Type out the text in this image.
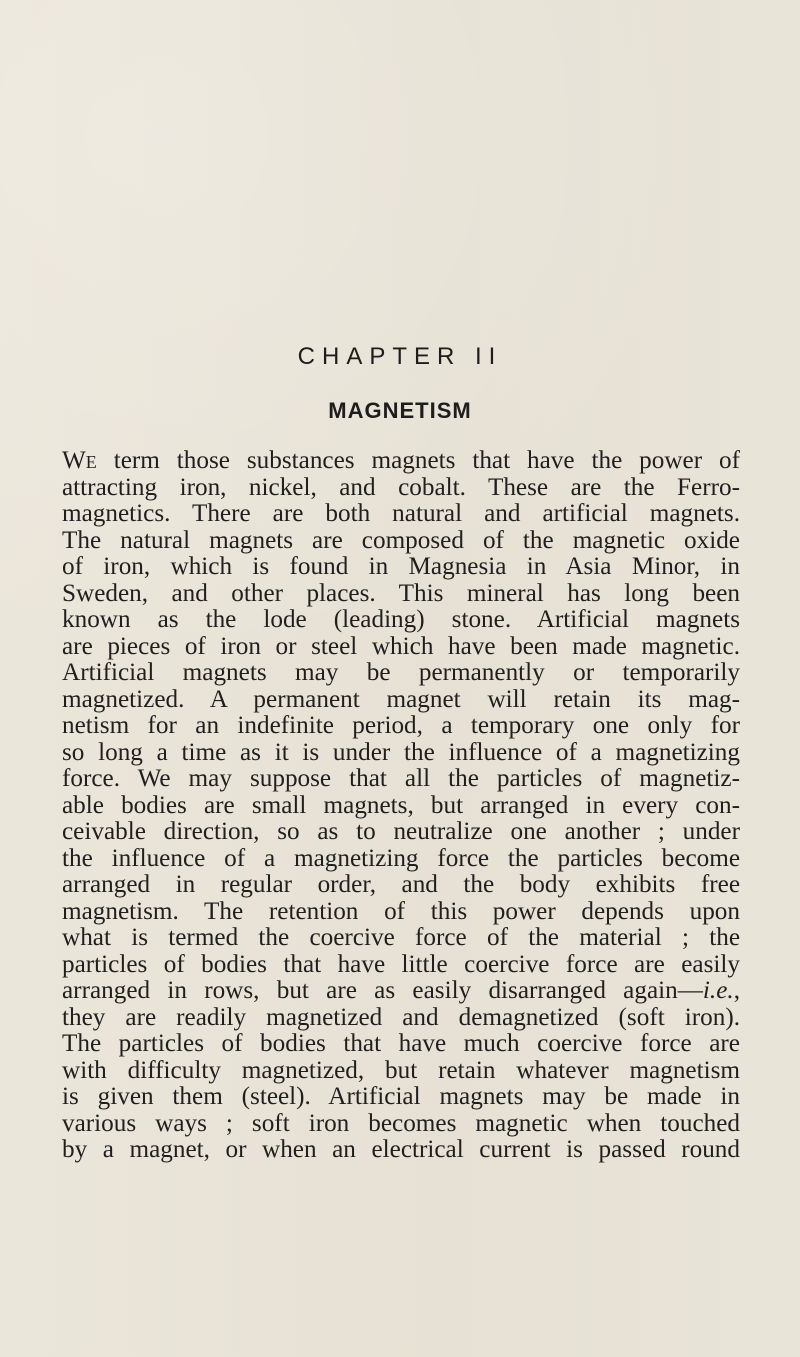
CHAPTER II
MAGNETISM
We term those substances magnets that have the power of
attracting iron, nickel, and cobalt. These are the Ferro-
magnetics. There are both natural and artificial magnets.
The natural magnets are composed of the magnetic oxide
of iron, which is found in Magnesia in Asia Minor, in
Sweden, and other places. This mineral has long been
known as the lode (leading) stone. Artificial magnets
are pieces of iron or steel which have been made magnetic.
Artificial magnets may be permanently or temporarily
magnetized. A permanent magnet will retain its mag-
netism for an indefinite period, a temporary one only for
so long a time as it is under the influence of a magnetizing
force. We may suppose that all the particles of magnetiz-
able bodies are small magnets, but arranged in every con-
ceivable direction, so as to neutralize one another ; under
the influence of a magnetizing force the particles become
arranged in regular order, and the body exhibits free
magnetism. The retention of this power depends upon
what is termed the coercive force of the material ; the
particles of bodies that have little coercive force are easily
arranged in rows, but are as easily disarranged again—i.e.,
they are readily magnetized and demagnetized (soft iron).
The particles of bodies that have much coercive force are
with difficulty magnetized, but retain whatever magnetism
is given them (steel). Artificial magnets may be made in
various ways ; soft iron becomes magnetic when touched
by a magnet, or when an electrical current is passed round
